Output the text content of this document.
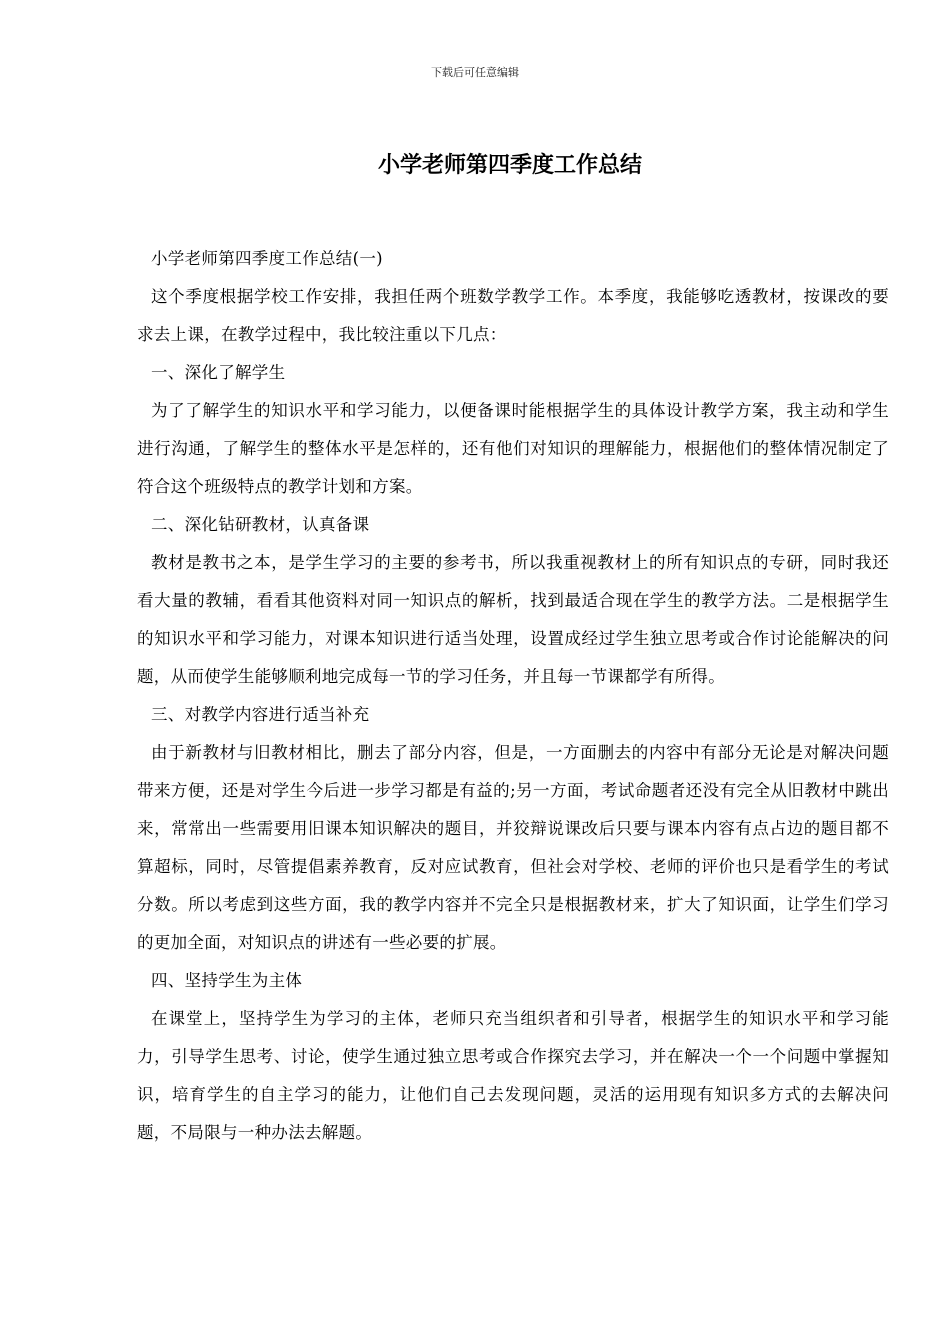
下载后可任意编辑
小学老师第四季度工作总结

小学老师第四季度工作总结(一)

这个季度根据学校工作安排，我担任两个班数学教学工作。本季度，我能够吃透教材，按课改的要求去上课，在教学过程中，我比较注重以下几点：

一、深化了解学生

为了了解学生的知识水平和学习能力，以便备课时能根据学生的具体设计教学方案，我主动和学生进行沟通，了解学生的整体水平是怎样的，还有他们对知识的理解能力，根据他们的整体情况制定了符合这个班级特点的教学计划和方案。

二、深化钻研教材，认真备课

教材是教书之本，是学生学习的主要的参考书，所以我重视教材上的所有知识点的专研，同时我还看大量的教辅，看看其他资料对同一知识点的解析，找到最适合现在学生的教学方法。二是根据学生的知识水平和学习能力，对课本知识进行适当处理，设置成经过学生独立思考或合作讨论能解决的问题，从而使学生能够顺利地完成每一节的学习任务，并且每一节课都学有所得。

三、对教学内容进行适当补充

由于新教材与旧教材相比，删去了部分内容，但是，一方面删去的内容中有部分无论是对解决问题带来方便，还是对学生今后进一步学习都是有益的;另一方面，考试命题者还没有完全从旧教材中跳出来，常常出一些需要用旧课本知识解决的题目，并狡辩说课改后只要与课本内容有点占边的题目都不算超标，同时，尽管提倡素养教育，反对应试教育，但社会对学校、老师的评价也只是看学生的考试分数。所以考虑到这些方面，我的教学内容并不完全只是根据教材来，扩大了知识面，让学生们学习的更加全面，对知识点的讲述有一些必要的扩展。

四、坚持学生为主体

在课堂上，坚持学生为学习的主体，老师只充当组织者和引导者，根据学生的知识水平和学习能力，引导学生思考、讨论，使学生通过独立思考或合作探究去学习，并在解决一个一个问题中掌握知识，培育学生的自主学习的能力，让他们自己去发现问题，灵活的运用现有知识多方式的去解决问题，不局限与一种办法去解题。
